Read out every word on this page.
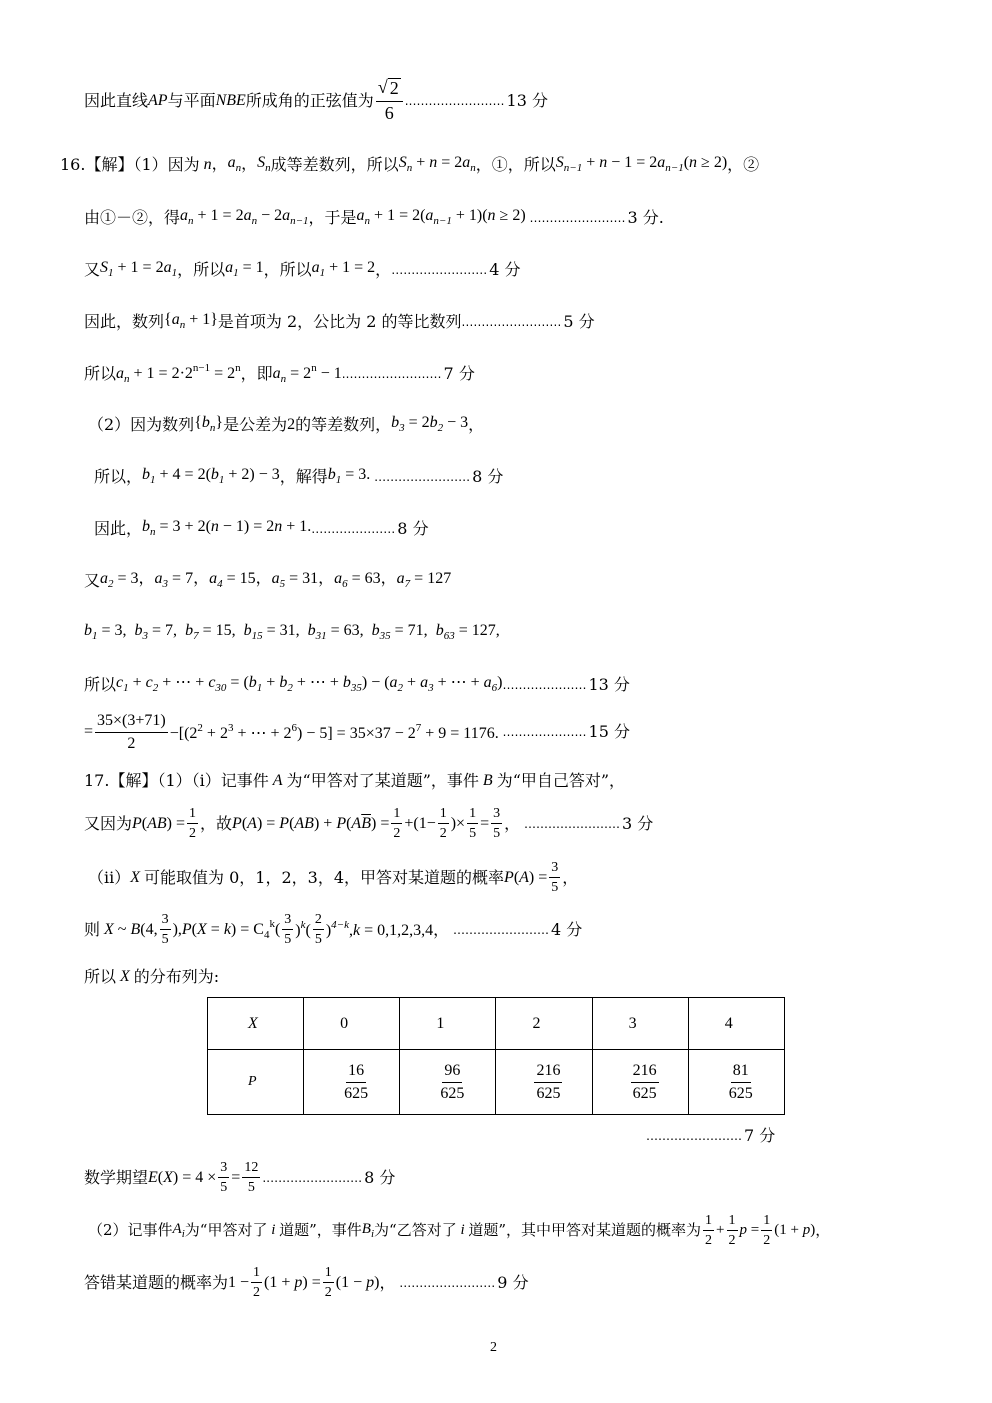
因此直线 AP 与平面 NBE 所成角的正弦值为 $\frac{√ 2}{6}$ .…………………… 13 分
16.【解】（1）因为 n ， $a_n$ ， $S_n$ 成等差数列，所以 $S_n + n = 2a_n$ ，①，所以 $S_{n-1} + n - 1 = 2a_{n-1}(n \ge 2)$ ，②
由①－②，得 $a_n + 1 = 2a_n - 2a_{n-1}$ ，于是 $a_n + 1 = 2(a_{n-1} + 1)(n \ge 2)$ …………………… 3 分 .
又 $S_1 + 1 = 2a_1$ ，所以 $a_1 = 1$ ，所以 $a_1 + 1 = 2$ ， …………………… 4 分
因此，数列 $\{a_n + 1\}$ 是首项为 2，公比为 2 的等比数列 .…………………… 5 分
所以 $a_n + 1 = 2\cdot 2^{n-1} = 2^n$ ，即 $a_n = 2^n - 1$ .…………………… 7 分
（2）因为数列 $\{b_n\}$ 是公差为 2 的等差数列， $b_3 = 2b_2 - 3$ ，
所以， $b_1 + 4 = 2(b_1 + 2) - 3$ ，解得 $b_1 = 3$. …………………… 8 分
因此， $b_n = 3 + 2(n - 1) = 2n + 1$. ………………… 8 分
又 $a_2 = 3$，$a_3 = 7$，$a_4 = 15$，$a_5 = 31$，$a_6 = 63$，$a_7 = 127$
$b_1 = 3$,  $b_3 = 7$,  $b_7 = 15$,  $b_{15} = 31$,  $b_{31} = 63$,  $b_{35} = 71$,  $b_{63} = 127$,
所以 $c_1 + c_2$ + ⋯ + $c_{30} = (b_1 + b_2$ + ⋯ + $b_{35}) - (a_2 + a_3$ + ⋯ + $a_6$) ………………… 13 分
= $\frac{35\times(3+71)}{2} -[(2^2 + 2^3$ + ⋯ + $2^6) - 5] = 35\times 37 - 2^7 + 9 = 1176$. ………………… 15 分
17.【解】（1）（i）记事件 A 为“甲答对了某道题”，事件 B 为“甲自己答对”，
又因为 $P(AB) = \frac{1}{2}$ ，故 $P(A) = P(AB) + P(A\overline{B}) = \frac{1}{2} +(1- \frac{1}{2}$ )× $\frac{1}{5} = \frac{3}{5}$ ， …………………… 3 分
（ii） X 可能取值为 0，1，2，3，4，甲答对某道题的概率 $P(A) = \frac{3}{5}$ ，
则 X ~ B(4, $\frac{3}{5} ),P(X = k) = C_4^k( \frac{3}{5} )^k( \frac{2}{5} )^{4-k},k = 0,1,2,3,4$ ， …………………… 4 分
所以 X 的分布列为:
X	0	1	2	3	4
P	$\frac{16}{625}$	$\frac{96}{625}$	$\frac{216}{625}$	$\frac{216}{625}$	$\frac{81}{625}$
…………………… 7 分
数学期望 $E(X) = 4 \times \frac{3}{5} = \frac{12}{5}$ .…………………… 8 分
（2）记事件 $A_i$ 为“甲答对了 i 道题”，事件 $B_i$ 为“乙答对了 i 道题”，其中甲答对某道题的概率为 $\frac{1}{2} + \frac{1}{2}$ $p = \frac{1}{2} (1 + p)$ ，
答错某道题的概率为 $1 - \frac{1}{2} (1 + p) = \frac{1}{2} (1 - p)$ ， …………………… 9 分
2
